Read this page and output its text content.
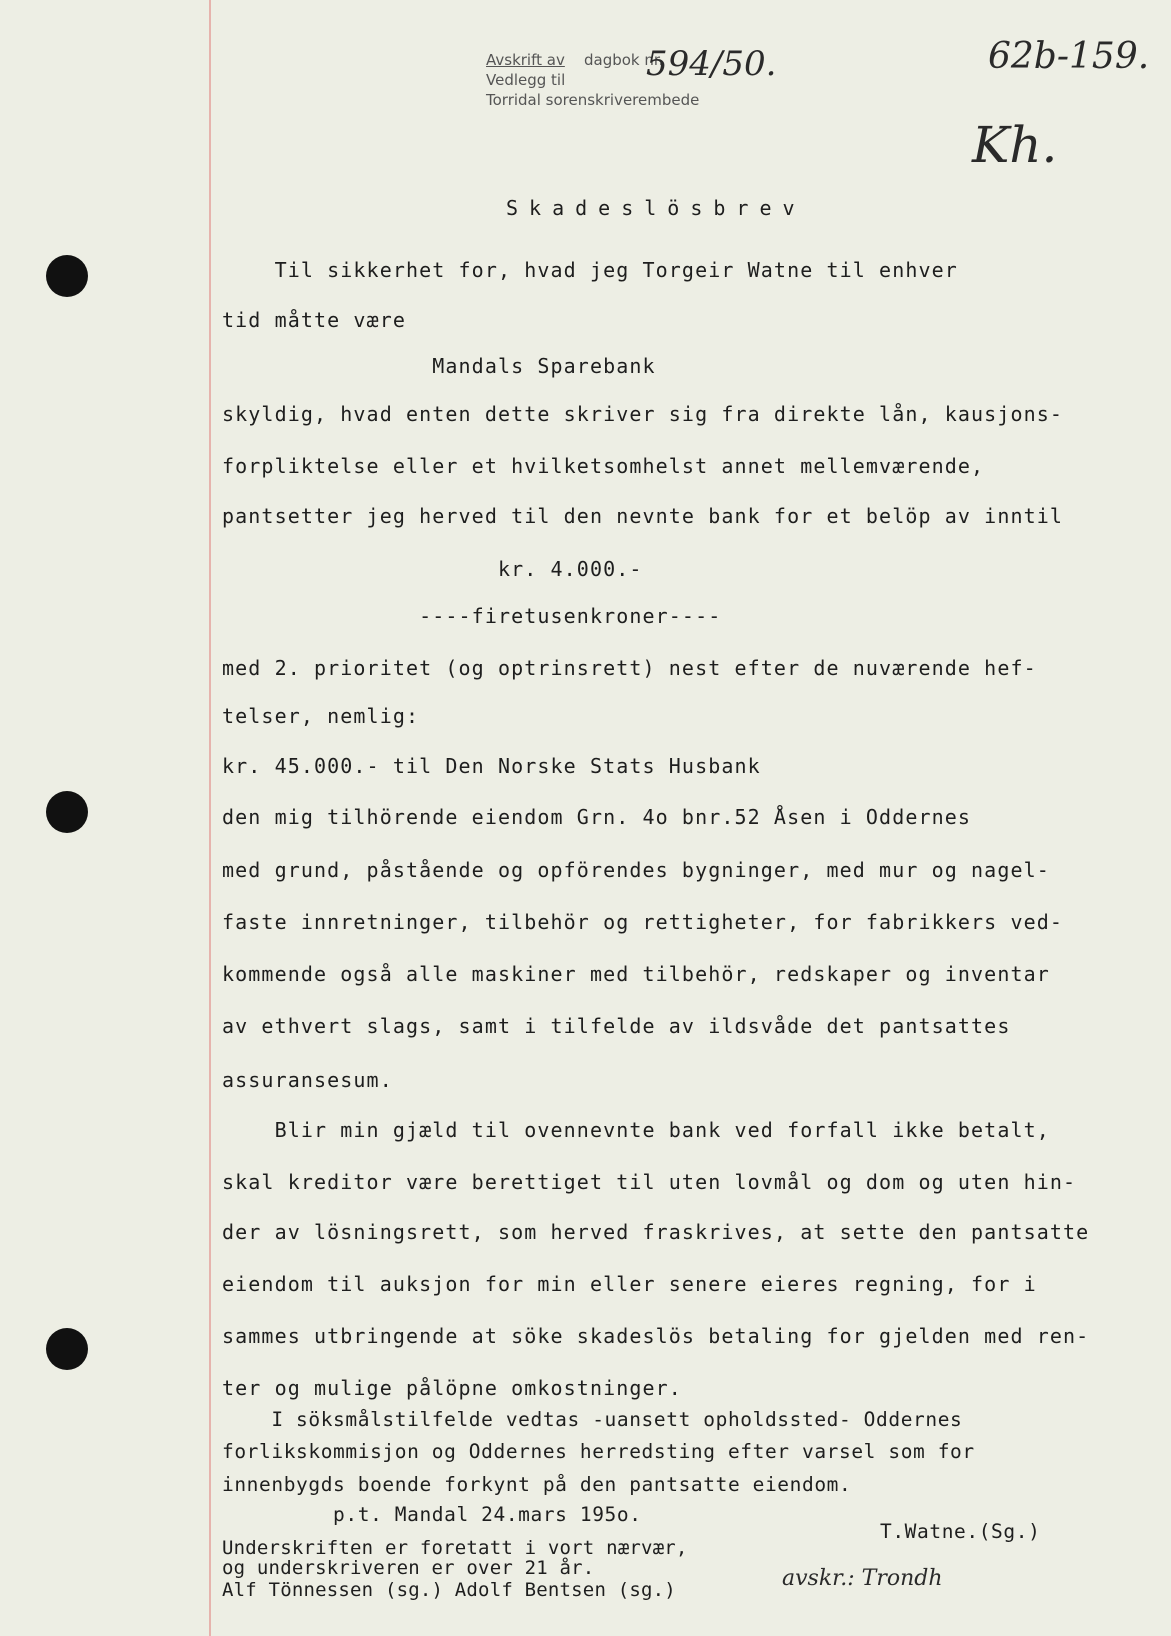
Avskrift av dagbok nr.
Vedlegg til
Torridal sorenskriverembede
594/50.	62b-159.
Kh.
Skadeslösbrev
Til sikkerhet for, hvad jeg Torgeir Watne til enhver
tid måtte være
Mandals Sparebank
skyldig, hvad enten dette skriver sig fra direkte lån, kausjons-
forpliktelse eller et hvilketsomhelst annet mellemværende,
pantsetter jeg herved til den nevnte bank for et belöp av inntil
kr. 4.000.-
----firetusenkroner----
med 2. prioritet (og optrinsrett) nest efter de nuværende hef-
telser, nemlig:
kr. 45.000.- til Den Norske Stats Husbank
den mig tilhörende eiendom Grn. 4o bnr.52 Åsen i Oddernes
med grund, påstående og opförendes bygninger, med mur og nagel-
faste innretninger, tilbehör og rettigheter, for fabrikkers ved-
kommende også alle maskiner med tilbehör, redskaper og inventar
av ethvert slags, samt i tilfelde av ildsvåde det pantsattes
assuransesum.
Blir min gjæld til ovennevnte bank ved forfall ikke betalt,
skal kreditor være berettiget til uten lovmål og dom og uten hin-
der av lösningsrett, som herved fraskrives, at sette den pantsatte
eiendom til auksjon for min eller senere eieres regning, for i
sammes utbringende at söke skadeslös betaling for gjelden med ren-
ter og mulige pålöpne omkostninger.
I söksmålstilfelde vedtas -uansett opholdssted- Oddernes
forlikskommisjon og Oddernes herredsting efter varsel som for
innenbygds boende forkynt på den pantsatte eiendom.
p.t. Mandal 24.mars 195o.
Underskriften er foretatt i vort nærvær,
og underskriveren er over 21 år.
Alf Tönnessen (sg.) Adolf Bentsen (sg.)
T.Watne.(Sg.)
avskr.: Trondh
